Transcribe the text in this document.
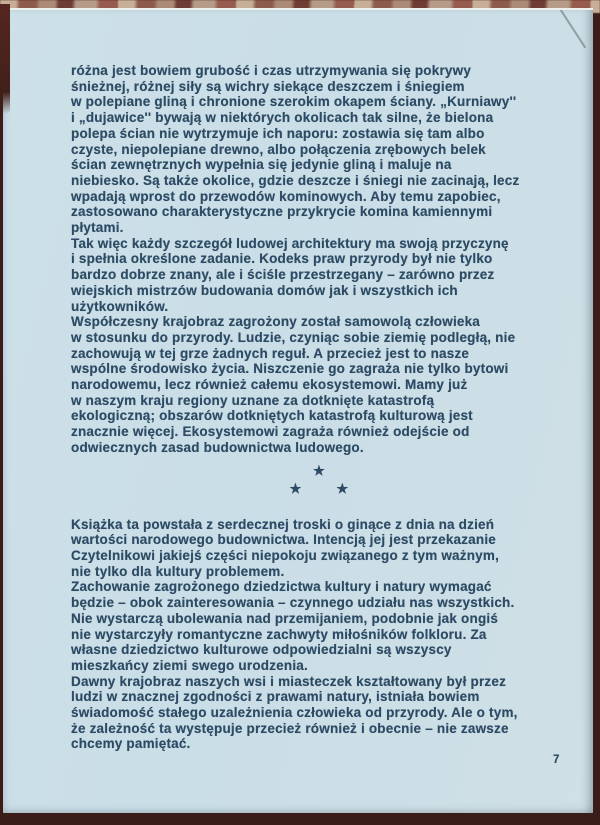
różna jest bowiem grubość i czas utrzymywania się pokrywy
śnieżnej, różnej siły są wichry siekące deszczem i śniegiem
w polepiane gliną i chronione szerokim okapem ściany. „Kurniawy''
i „dujawice'' bywają w niektórych okolicach tak silne, że bielona
polepa ścian nie wytrzymuje ich naporu: zostawia się tam albo
czyste, niepolepiane drewno, albo połączenia zrębowych belek
ścian zewnętrznych wypełnia się jedynie gliną i maluje na
niebiesko. Są także okolice, gdzie deszcze i śniegi nie zacinają, lecz
wpadają wprost do przewodów kominowych. Aby temu zapobiec,
zastosowano charakterystyczne przykrycie komina kamiennymi
płytami.
Tak więc każdy szczegół ludowej architektury ma swoją przyczynę
i spełnia określone zadanie. Kodeks praw przyrody był nie tylko
bardzo dobrze znany, ale i ściśle przestrzegany – zarówno przez
wiejskich mistrzów budowania domów jak i wszystkich ich
użytkowników.
Współczesny krajobraz zagrożony został samowolą człowieka
w stosunku do przyrody. Ludzie, czyniąc sobie ziemię podległą, nie
zachowują w tej grze żadnych reguł. A przecież jest to nasze
wspólne środowisko życia. Niszczenie go zagraża nie tylko bytowi
narodowemu, lecz również całemu ekosystemowi. Mamy już
w naszym kraju regiony uznane za dotknięte katastrofą
ekologiczną; obszarów dotkniętych katastrofą kulturową jest
znacznie więcej. Ekosystemowi zagraża również odejście od
odwiecznych zasad budownictwa ludowego.
★
★	★
Książka ta powstała z serdecznej troski o ginące z dnia na dzień
wartości narodowego budownictwa. Intencją jej jest przekazanie
Czytelnikowi jakiejś części niepokoju związanego z tym ważnym,
nie tylko dla kultury problemem.
Zachowanie zagrożonego dziedzictwa kultury i natury wymagać
będzie – obok zainteresowania – czynnego udziału nas wszystkich.
Nie wystarczą ubolewania nad przemijaniem, podobnie jak ongiś
nie wystarczyły romantyczne zachwyty miłośników folkloru. Za
własne dziedzictwo kulturowe odpowiedzialni są wszyscy
mieszkańcy ziemi swego urodzenia.
Dawny krajobraz naszych wsi i miasteczek kształtowany był przez
ludzi w znacznej zgodności z prawami natury, istniała bowiem
świadomość stałego uzależnienia człowieka od przyrody. Ale o tym,
że zależność ta występuje przecież również i obecnie – nie zawsze
chcemy pamiętać.
7
